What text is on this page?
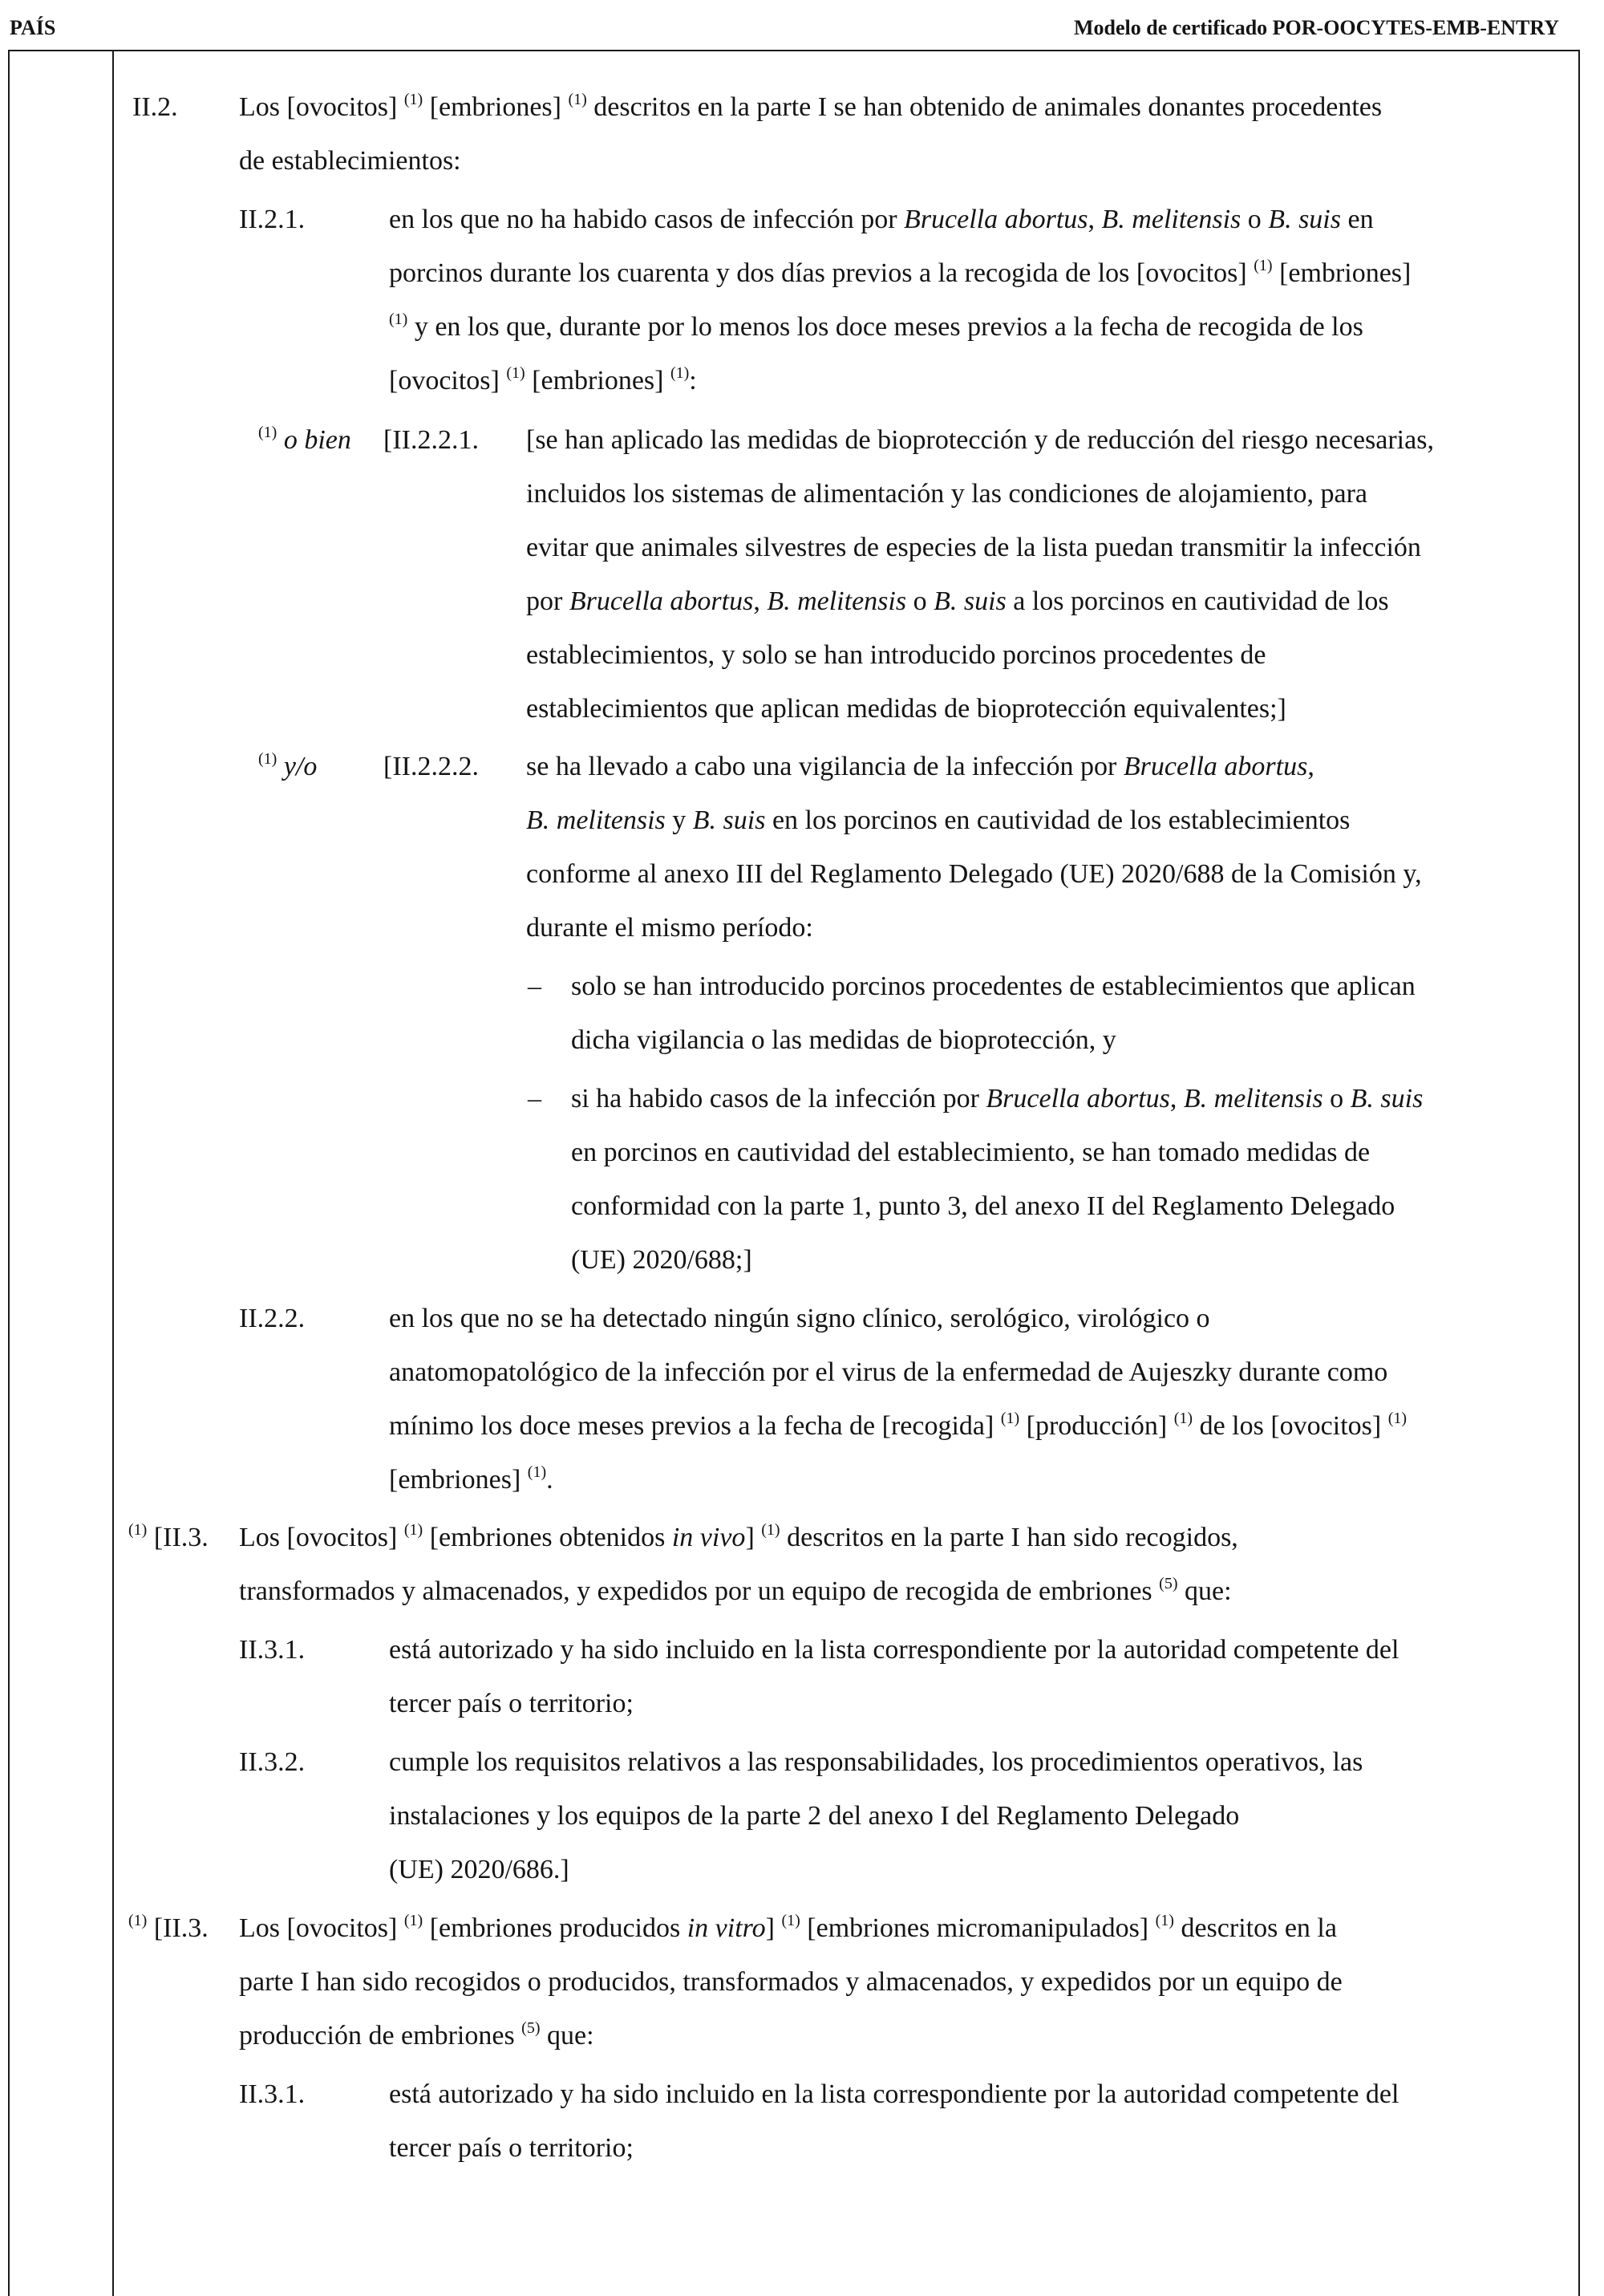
PAÍS	Modelo de certificado POR-OOCYTES-EMB-ENTRY
II.2. Los [ovocitos] $^{(1)}$ [embriones] $^{(1)}$ descritos en la parte I se han obtenido de animales donantes procedentes
de establecimientos:
II.2.1.	en los que no ha habido casos de infección por Brucella abortus, B. melitensis o B. suis en
porcinos durante los cuarenta y dos días previos a la recogida de los [ovocitos] $^{(1)}$ [embriones]
$^{(1)}$ y en los que, durante por lo menos los doce meses previos a la fecha de recogida de los
[ovocitos] $^{(1)}$ [embriones] $^{(1)}$:
$^{(1)}$ o bien [II.2.2.1. [se han aplicado las medidas de bioprotección y de reducción del riesgo necesarias,
incluidos los sistemas de alimentación y las condiciones de alojamiento, para
evitar que animales silvestres de especies de la lista puedan transmitir la infección
por Brucella abortus, B. melitensis o B. suis a los porcinos en cautividad de los
establecimientos, y solo se han introducido porcinos procedentes de
establecimientos que aplican medidas de bioprotección equivalentes;]
$^{(1)}$ y/o [II.2.2.2. se ha llevado a cabo una vigilancia de la infección por Brucella abortus,
B. melitensis y B. suis en los porcinos en cautividad de los establecimientos
conforme al anexo III del Reglamento Delegado (UE) 2020/688 de la Comisión y,
durante el mismo período:
– solo se han introducido porcinos procedentes de establecimientos que aplican
dicha vigilancia o las medidas de bioprotección, y
– si ha habido casos de la infección por Brucella abortus, B. melitensis o B. suis
en porcinos en cautividad del establecimiento, se han tomado medidas de
conformidad con la parte 1, punto 3, del anexo II del Reglamento Delegado
(UE) 2020/688;]
II.2.2.	en los que no se ha detectado ningún signo clínico, serológico, virológico o
anatomopatológico de la infección por el virus de la enfermedad de Aujeszky durante como
mínimo los doce meses previos a la fecha de [recogida] $^{(1)}$ [producción] $^{(1)}$ de los [ovocitos] $^{(1)}$
[embriones] $^{(1)}$.
$^{(1)}$ [II.3. Los [ovocitos] $^{(1)}$ [embriones obtenidos in vivo] $^{(1)}$ descritos en la parte I han sido recogidos,
transformados y almacenados, y expedidos por un equipo de recogida de embriones $^{(5)}$ que:
II.3.1.	está autorizado y ha sido incluido en la lista correspondiente por la autoridad competente del
tercer país o territorio;
II.3.2.	cumple los requisitos relativos a las responsabilidades, los procedimientos operativos, las
instalaciones y los equipos de la parte 2 del anexo I del Reglamento Delegado
(UE) 2020/686.]
$^{(1)}$ [II.3. Los [ovocitos] $^{(1)}$ [embriones producidos in vitro] $^{(1)}$ [embriones micromanipulados] $^{(1)}$ descritos en la
parte I han sido recogidos o producidos, transformados y almacenados, y expedidos por un equipo de
producción de embriones $^{(5)}$ que:
II.3.1.	está autorizado y ha sido incluido en la lista correspondiente por la autoridad competente del
tercer país o territorio;
